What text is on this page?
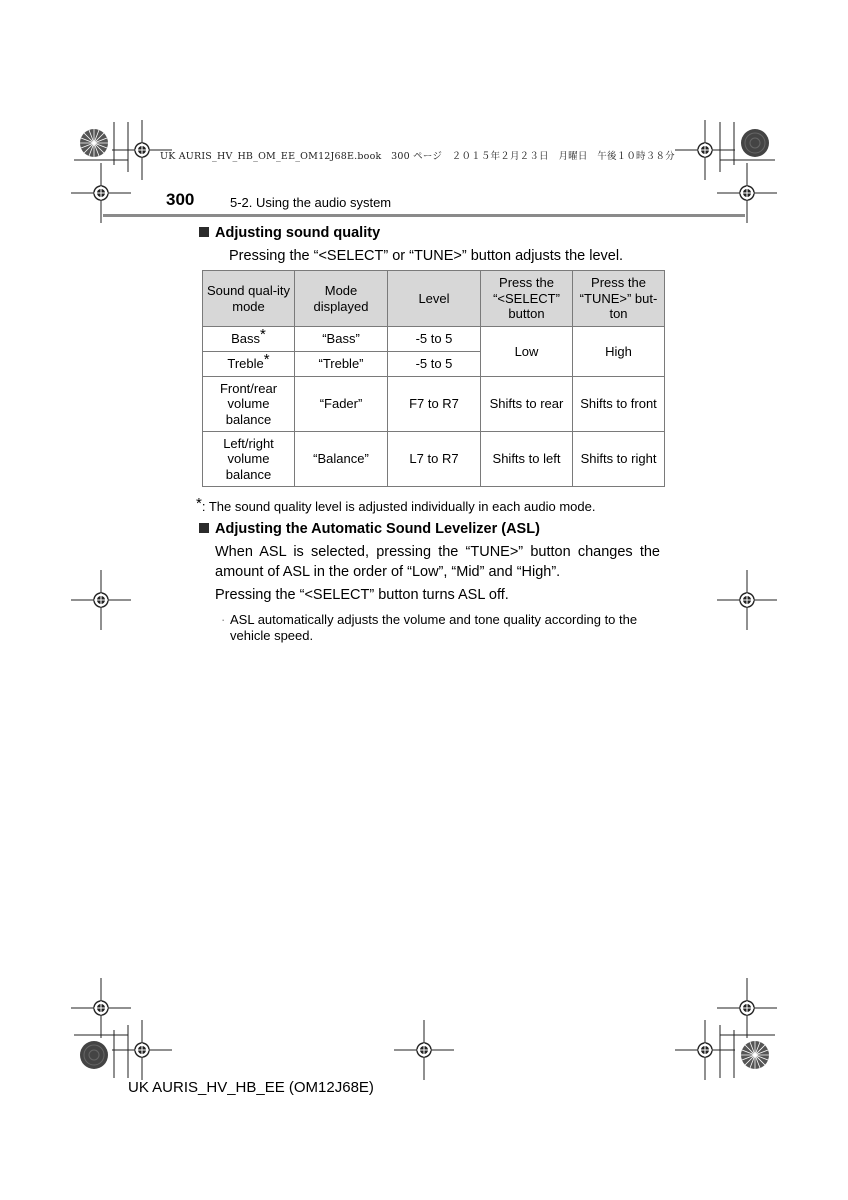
UK AURIS_HV_HB_OM_EE_OM12J68E.book　300 ページ　２０１５年２月２３日　月曜日　午後１０時３８分
300	5-2. Using the audio system
Adjusting sound quality
Pressing the “<SELECT” or “TUNE>” button adjusts the level.
Sound qual-ity mode	Mode displayed	Level	Press the “<SELECT” button	Press the “TUNE>” but-ton
Bass*	“Bass”	-5 to 5	Low	High
Treble*	“Treble”	-5 to 5		
Front/rear volume balance	“Fader”	F7 to R7	Shifts to rear	Shifts to front
Left/right volume balance	“Balance”	L7 to R7	Shifts to left	Shifts to right
*: The sound quality level is adjusted individually in each audio mode.
Adjusting the Automatic Sound Levelizer (ASL)
When ASL is selected, pressing the “TUNE>” button changes the amount of ASL in the order of “Low”, “Mid” and “High”.
Pressing the “<SELECT” button turns ASL off.
· ASL automatically adjusts the volume and tone quality according to the vehicle speed.
UK AURIS_HV_HB_EE (OM12J68E)
